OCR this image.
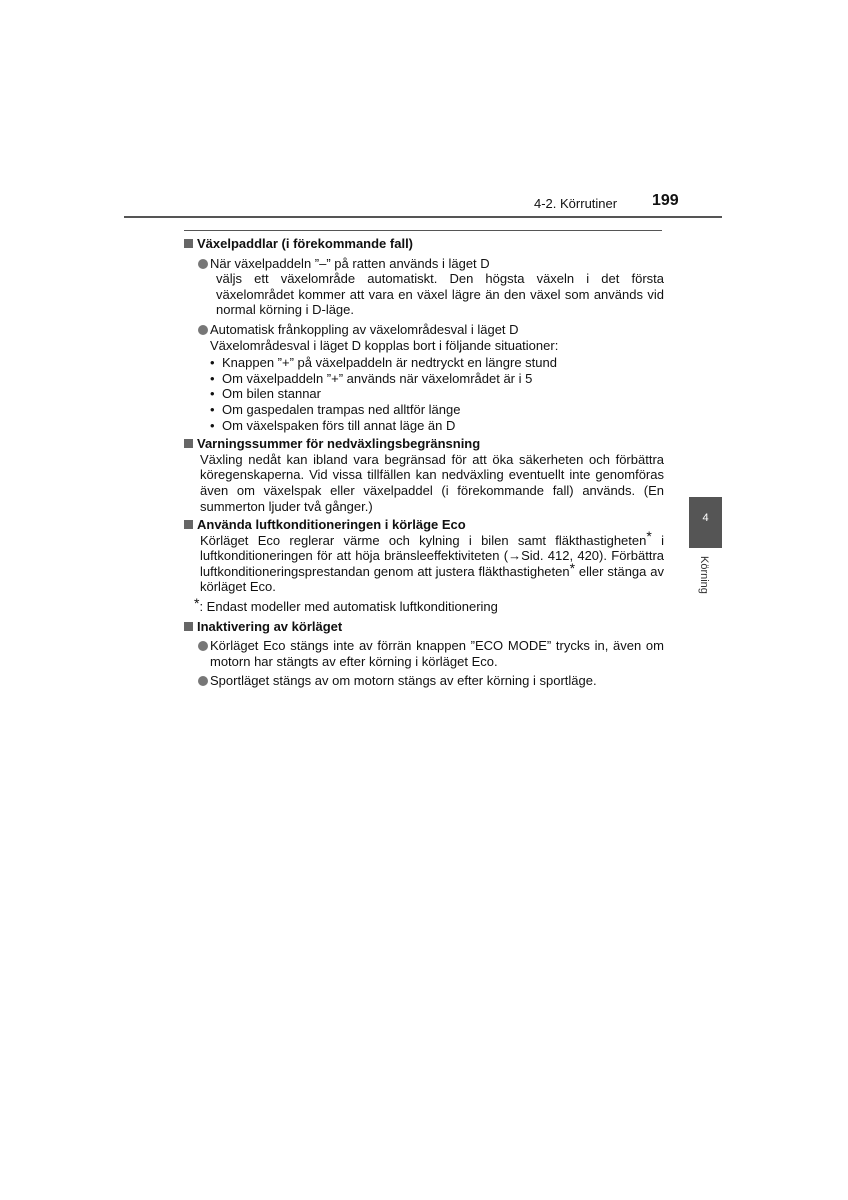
4-2. Körrutiner 199
4
Körning
Växelpaddlar (i förekommande fall)
När växelpaddeln ”–” på ratten används i läget D
väljs ett växelområde automatiskt. Den högsta växeln i det första växelområdet kommer att vara en växel lägre än den växel som används vid normal körning i D-läge.
Automatisk frånkoppling av växelområdesval i läget D
Växelområdesval i läget D kopplas bort i följande situationer:
• Knappen ”+” på växelpaddeln är nedtryckt en längre stund
• Om växelpaddeln ”+” används när växelområdet är i 5
• Om bilen stannar
• Om gaspedalen trampas ned alltför länge
• Om växelspaken förs till annat läge än D
Varningssummer för nedväxlingsbegränsning
Växling nedåt kan ibland vara begränsad för att öka säkerheten och förbättra köregenskaperna. Vid vissa tillfällen kan nedväxling eventuellt inte genomföras även om växelspak eller växelpaddel (i förekommande fall) används. (En summerton ljuder två gånger.)
Använda luftkonditioneringen i körläge Eco
Körläget Eco reglerar värme och kylning i bilen samt fläkthastigheten* i luftkonditioneringen för att höja bränsleeffektiviteten (→Sid. 412, 420). Förbättra luftkonditioneringsprestandan genom att justera fläkthastigheten* eller stänga av körläget Eco.
*: Endast modeller med automatisk luftkonditionering
Inaktivering av körläget
Körläget Eco stängs inte av förrän knappen ”ECO MODE” trycks in, även om motorn har stängts av efter körning i körläget Eco.
Sportläget stängs av om motorn stängs av efter körning i sportläge.
